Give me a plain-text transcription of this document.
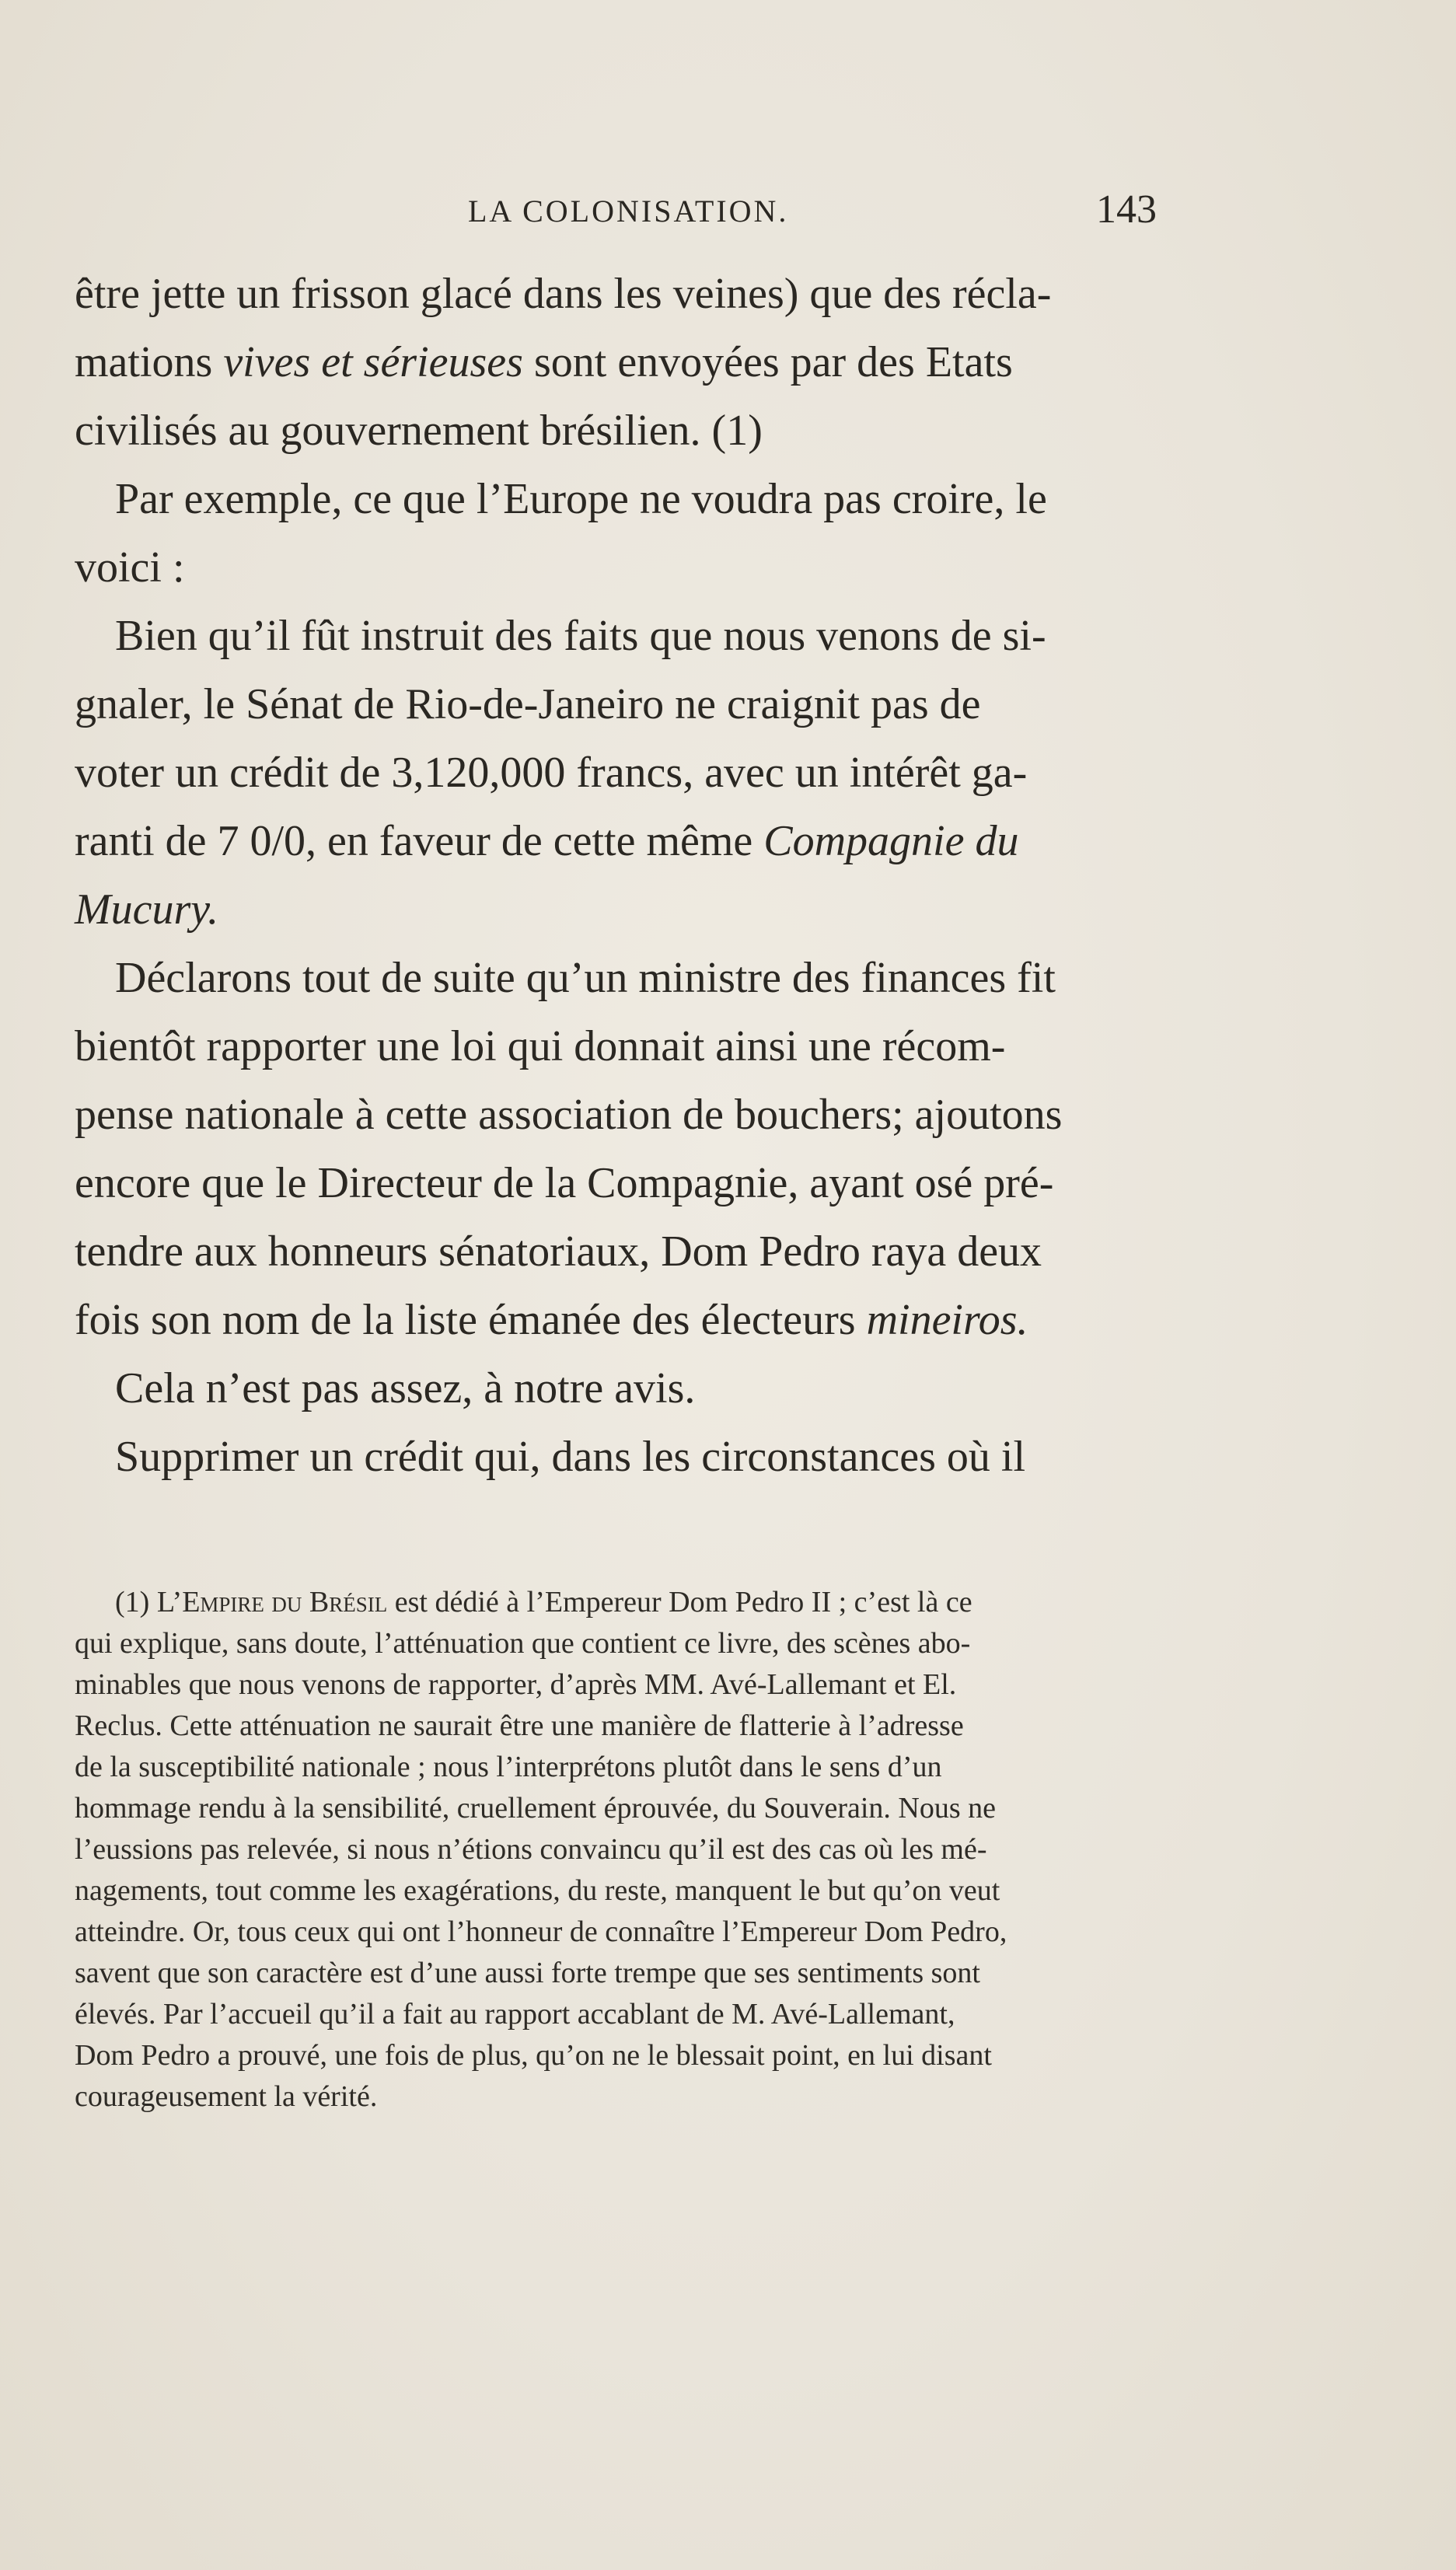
LA COLONISATION.	143
être jette un frisson glacé dans les veines) que des récla-
mations vives et sérieuses sont envoyées par des Etats
civilisés au gouvernement brésilien. (1)
Par exemple, ce que l’Europe ne voudra pas croire, le
voici :
Bien qu’il fût instruit des faits que nous venons de si-
gnaler, le Sénat de Rio-de-Janeiro ne craignit pas de
voter un crédit de 3,120,000 francs, avec un intérêt ga-
ranti de 7 0/0, en faveur de cette même Compagnie du
Mucury.
Déclarons tout de suite qu’un ministre des finances fit
bientôt rapporter une loi qui donnait ainsi une récom-
pense nationale à cette association de bouchers; ajoutons
encore que le Directeur de la Compagnie, ayant osé pré-
tendre aux honneurs sénatoriaux, Dom Pedro raya deux
fois son nom de la liste émanée des électeurs mineiros.
Cela n’est pas assez, à notre avis.
Supprimer un crédit qui, dans les circonstances où il
(1) L’Empire du Brésil est dédié à l’Empereur Dom Pedro II ; c’est là ce
qui explique, sans doute, l’atténuation que contient ce livre, des scènes abo-
minables que nous venons de rapporter, d’après MM. Avé-Lallemant et El.
Reclus. Cette atténuation ne saurait être une manière de flatterie à l’adresse
de la susceptibilité nationale ; nous l’interprétons plutôt dans le sens d’un
hommage rendu à la sensibilité, cruellement éprouvée, du Souverain. Nous ne
l’eussions pas relevée, si nous n’étions convaincu qu’il est des cas où les mé-
nagements, tout comme les exagérations, du reste, manquent le but qu’on veut
atteindre. Or, tous ceux qui ont l’honneur de connaître l’Empereur Dom Pedro,
savent que son caractère est d’une aussi forte trempe que ses sentiments sont
élevés. Par l’accueil qu’il a fait au rapport accablant de M. Avé-Lallemant,
Dom Pedro a prouvé, une fois de plus, qu’on ne le blessait point, en lui disant
courageusement la vérité.
